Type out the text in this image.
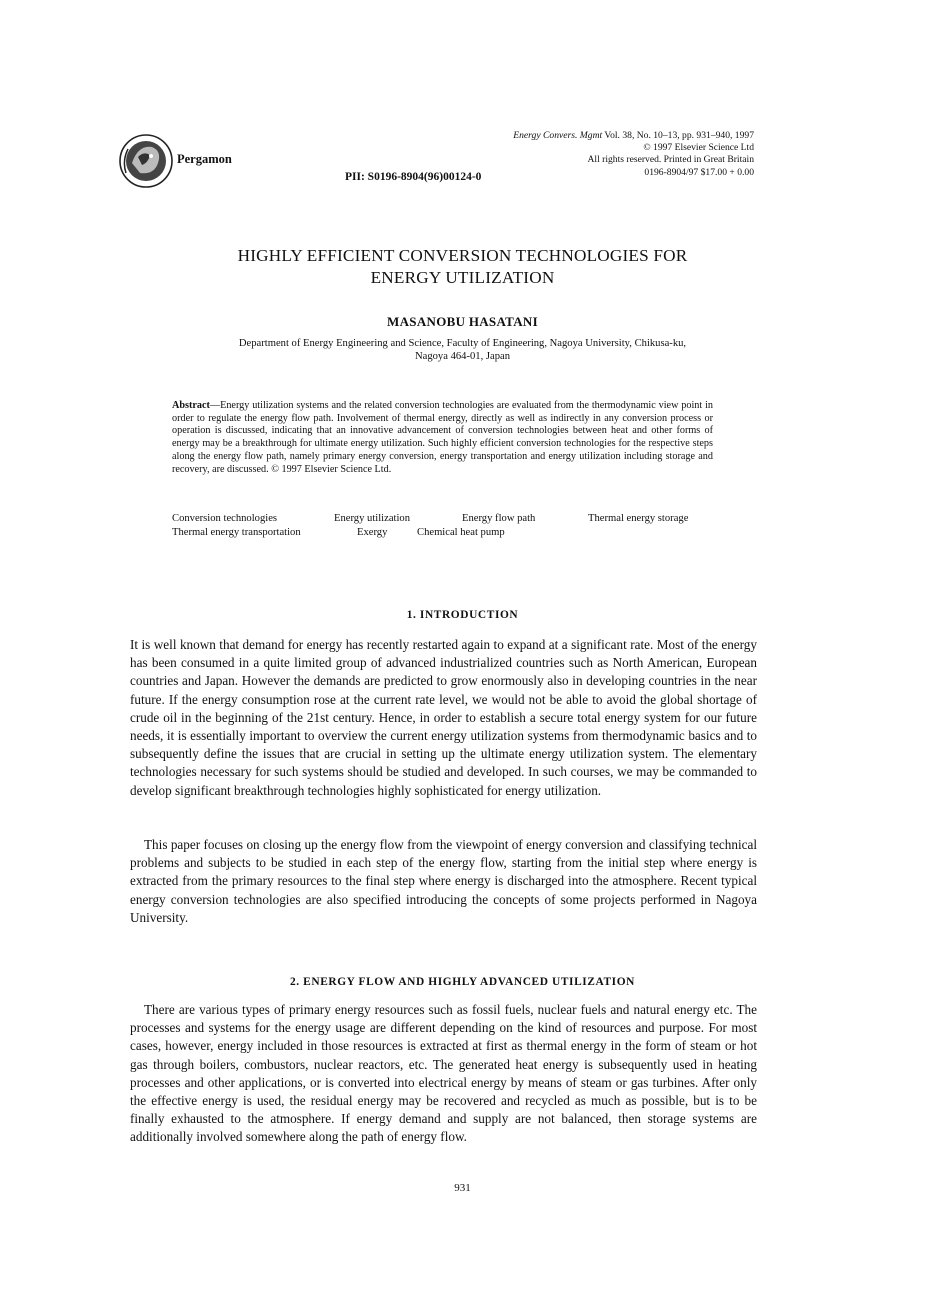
Pergamon
Energy Convers. Mgmt Vol. 38, No. 10–13, pp. 931–940, 1997
© 1997 Elsevier Science Ltd
All rights reserved. Printed in Great Britain
0196-8904/97 $17.00 + 0.00
PII: S0196-8904(96)00124-0
HIGHLY EFFICIENT CONVERSION TECHNOLOGIES FOR
ENERGY UTILIZATION
MASANOBU HASATANI
Department of Energy Engineering and Science, Faculty of Engineering, Nagoya University, Chikusa-ku,
Nagoya 464-01, Japan
Abstract—Energy utilization systems and the related conversion technologies are evaluated from the thermodynamic view point in order to regulate the energy flow path. Involvement of thermal energy, directly as well as indirectly in any conversion process or operation is discussed, indicating that an innovative advancement of conversion technologies between heat and other forms of energy may be a breakthrough for ultimate energy utilization. Such highly efficient conversion technologies for the respective steps along the energy flow path, namely primary energy conversion, energy transportation and energy utilization including storage and recovery, are discussed. © 1997 Elsevier Science Ltd.
Conversion technologies	Energy utilization	Energy flow path	Thermal energy storage
Thermal energy transportation	Exergy	Chemical heat pump
1. INTRODUCTION
It is well known that demand for energy has recently restarted again to expand at a significant rate. Most of the energy has been consumed in a quite limited group of advanced industrialized countries such as North American, European countries and Japan. However the demands are predicted to grow enormously also in developing countries in the near future. If the energy consumption rose at the current rate level, we would not be able to avoid the global shortage of crude oil in the beginning of the 21st century. Hence, in order to establish a secure total energy system for our future needs, it is essentially important to overview the current energy utilization systems from thermodynamic basics and to subsequently define the issues that are crucial in setting up the ultimate energy utilization system. The elementary technologies necessary for such systems should be studied and developed. In such courses, we may be commanded to develop significant breakthrough technologies highly sophisticated for energy utilization.
This paper focuses on closing up the energy flow from the viewpoint of energy conversion and classifying technical problems and subjects to be studied in each step of the energy flow, starting from the initial step where energy is extracted from the primary resources to the final step where energy is discharged into the atmosphere. Recent typical energy conversion technologies are also specified introducing the concepts of some projects performed in Nagoya University.
2. ENERGY FLOW AND HIGHLY ADVANCED UTILIZATION
There are various types of primary energy resources such as fossil fuels, nuclear fuels and natural energy etc. The processes and systems for the energy usage are different depending on the kind of resources and purpose. For most cases, however, energy included in those resources is extracted at first as thermal energy in the form of steam or hot gas through boilers, combustors, nuclear reactors, etc. The generated heat energy is subsequently used in heating processes and other applications, or is converted into electrical energy by means of steam or gas turbines. After only the effective energy is used, the residual energy may be recovered and recycled as much as possible, but is to be finally exhausted to the atmosphere. If energy demand and supply are not balanced, then storage systems are additionally involved somewhere along the path of energy flow.
931
